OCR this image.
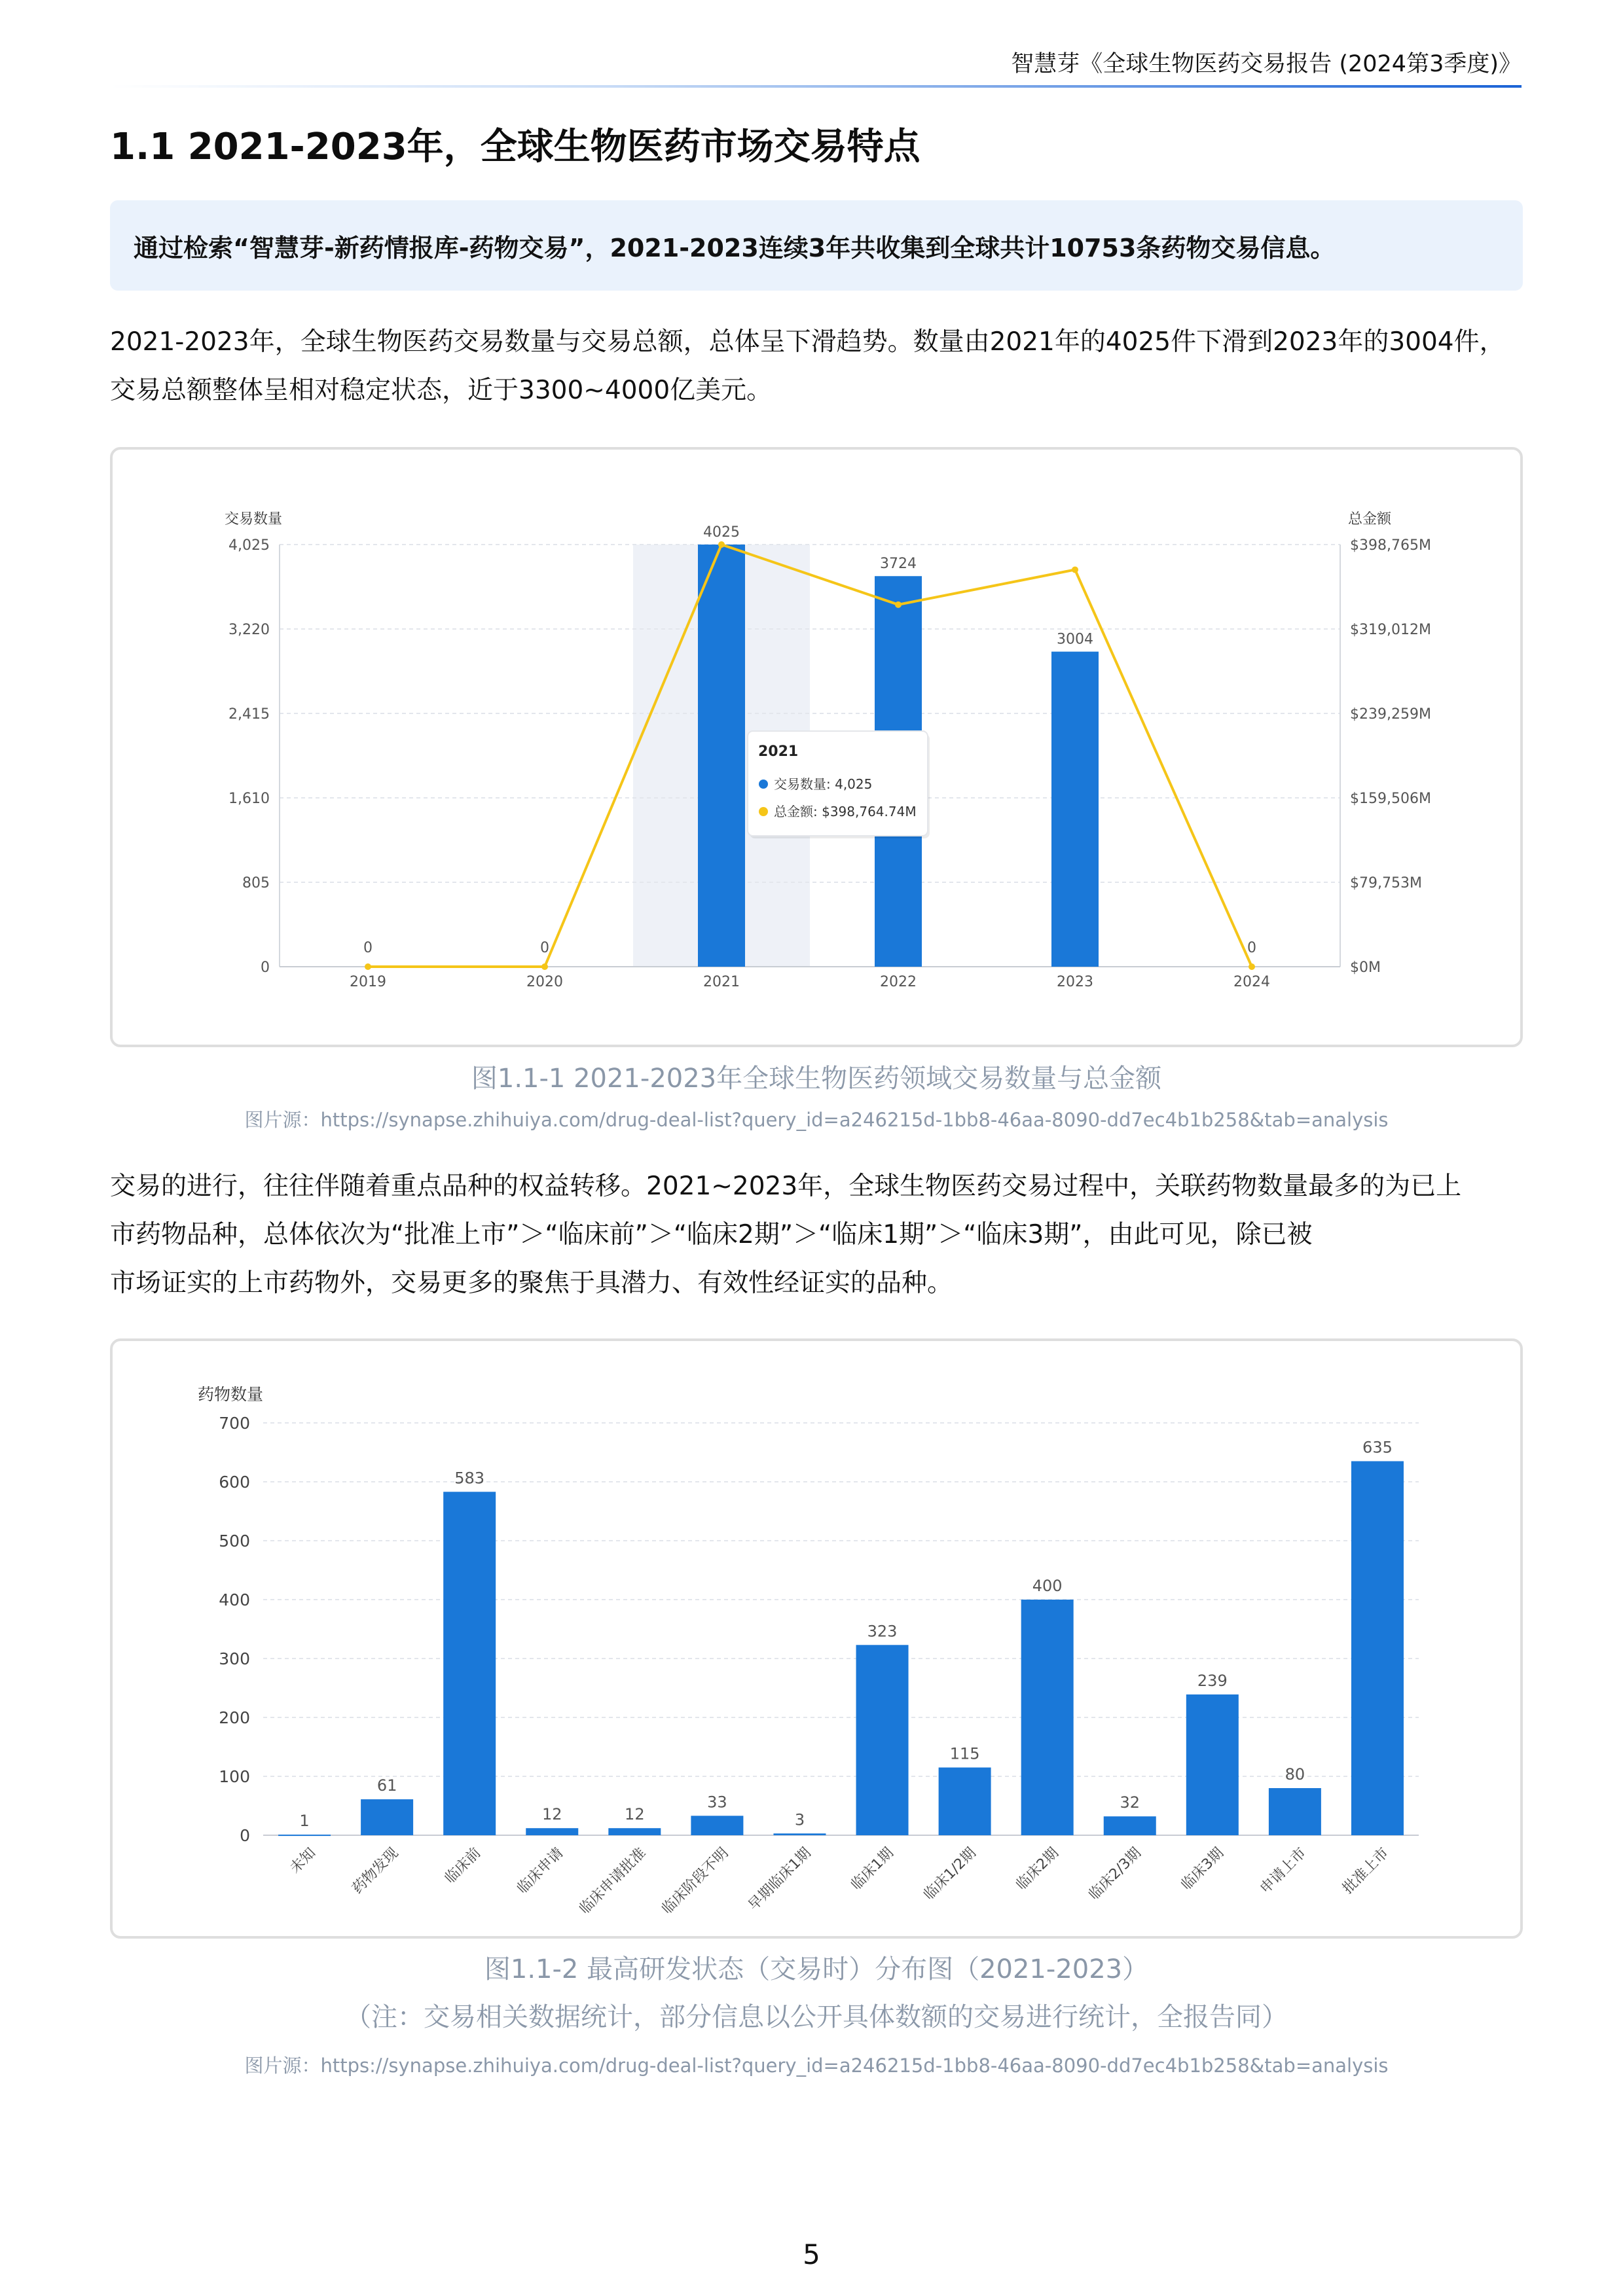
智慧芽《全球生物医药交易报告 (2024第3季度)》
1.1 2021-2023年，全球生物医药市场交易特点
通过检索“智慧芽-新药情报库-药物交易”，2021-2023连续3年共收集到全球共计10753条药物交易信息。
2021-2023年，全球生物医药交易数量与交易总额，总体呈下滑趋势。数量由2021年的4025件下滑到2023年的3004件，
交易总额整体呈相对稳定状态，近于3300~4000亿美元。
0
805
1,610
2,415
3,220
4,025
$0M
$79,753M
$159,506M
$239,259M
$319,012M
$398,765M
交易数量	总金额
0
2019
0
2020
4025
2021
3724
2022
3004
2023
0
2024
2021
交易数量: 4,025
总金额: $398,764.74M
图1.1-1 2021-2023年全球生物医药领域交易数量与总金额
图片源：https://synapse.zhihuiya.com/drug-deal-list?query_id=a246215d-1bb8-46aa-8090-dd7ec4b1b258&tab=analysis
交易的进行，往往伴随着重点品种的权益转移。2021~2023年，全球生物医药交易过程中，关联药物数量最多的为已上
市药物品种，总体依次为“批准上市”＞“临床前”＞“临床2期”＞“临床1期”＞“临床3期”，由此可见，除已被
市场证实的上市药物外，交易更多的聚焦于具潜力、有效性经证实的品种。
0
100
200
300
400
500
600
700
药物数量
1
未知
61
药物发现
583
临床前
12
临床申请
12
临床申请批准
33
临床阶段不明
3
早期临床1期
323
临床1期
115
临床1/2期
400
临床2期
32
临床2/3期
239
临床3期
80
申请上市
635
批准上市
图1.1-2 最高研发状态（交易时）分布图（2021-2023）
（注：交易相关数据统计，部分信息以公开具体数额的交易进行统计，全报告同）
图片源：https://synapse.zhihuiya.com/drug-deal-list?query_id=a246215d-1bb8-46aa-8090-dd7ec4b1b258&tab=analysis
5
